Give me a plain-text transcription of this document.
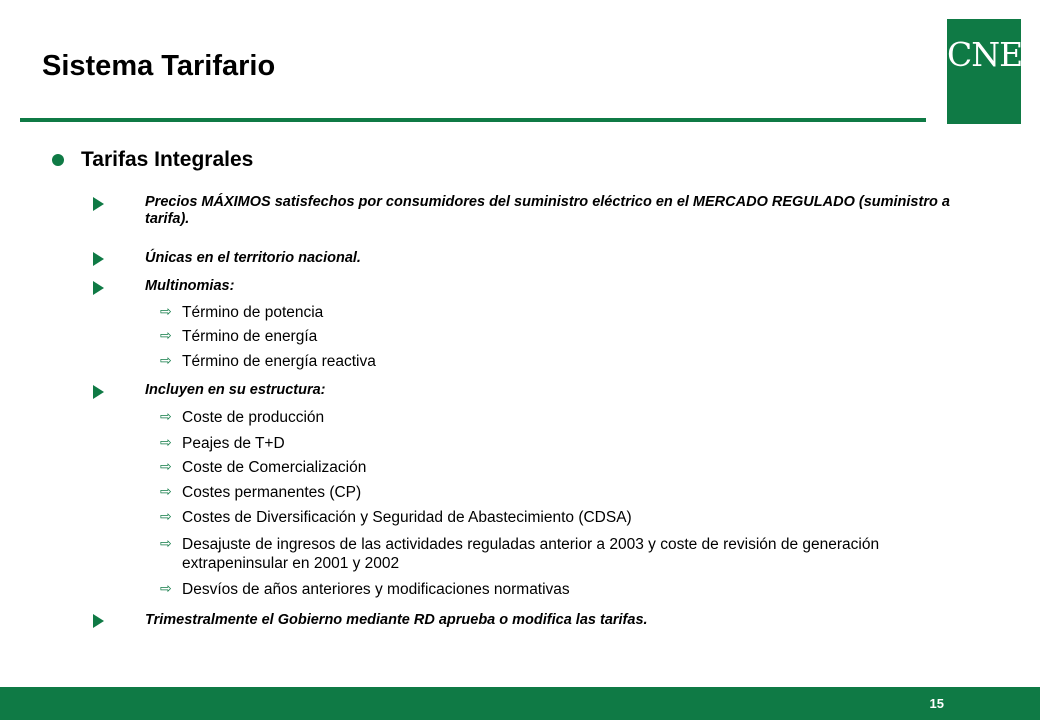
Sistema Tarifario	CNE
Tarifas Integrales
Precios MÁXIMOS satisfechos por consumidores del suministro eléctrico en el MERCADO REGULADO (suministro a tarifa).
Únicas en el territorio nacional.
Multinomias:
⇨ Término de potencia
⇨ Término de energía
⇨ Término de energía reactiva
Incluyen en su estructura:
⇨ Coste de producción
⇨ Peajes de T+D
⇨ Coste de Comercialización
⇨ Costes permanentes (CP)
⇨ Costes de Diversificación y Seguridad de Abastecimiento (CDSA)
⇨ Desajuste de ingresos de las actividades reguladas anterior a 2003 y coste de revisión de generación extrapeninsular en 2001 y 2002
⇨ Desvíos de años anteriores y modificaciones normativas
Trimestralmente el Gobierno mediante RD aprueba o modifica las tarifas.
15
